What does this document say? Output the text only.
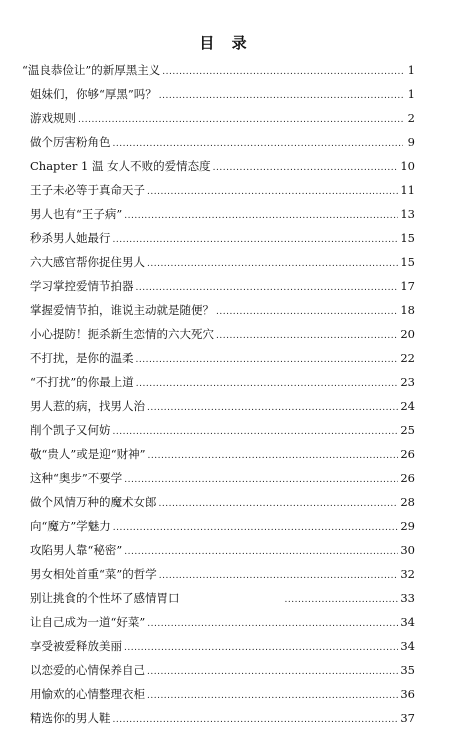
目 录
“温良恭俭让”的新厚黑主义 .....	1
姐妹们，你够“厚黑”吗？ .....	1
游戏规则 .....	2
做个厉害粉角色 .....	9
Chapter 1 温 女人不败的爱情态度 .....	10
王子未必等于真命天子 .....	11
男人也有“王子病” .....	13
秒杀男人她最行 .....	15
六大感官帮你捉住男人 .....	15
学习掌控爱情节拍器 .....	17
掌握爱情节拍，谁说主动就是随便？ .....	18
小心提防！扼杀新生恋情的六大死穴 .....	20
不打扰，是你的温柔 .....	22
“不打扰”的你最上道 .....	23
男人惹的病，找男人治 .....	24
削个凯子又何妨 .....	25
敬“贵人”或是迎“财神” .....	26
这种“奥步”不要学 .....	26
做个风情万种的魔术女郎 .....	28
向“魔方”学魅力 .....	29
攻陷男人靠“秘密” .....	30
男女相处首重“菜”的哲学 .....	32
别让挑食的个性坏了感情胃口 .....	33
让自己成为一道“好菜” .....	34
享受被爱释放美丽 .....	34
以恋爱的心情保养自己 .....	35
用愉欢的心情整理衣柜 .....	36
精选你的男人鞋 .....	37
